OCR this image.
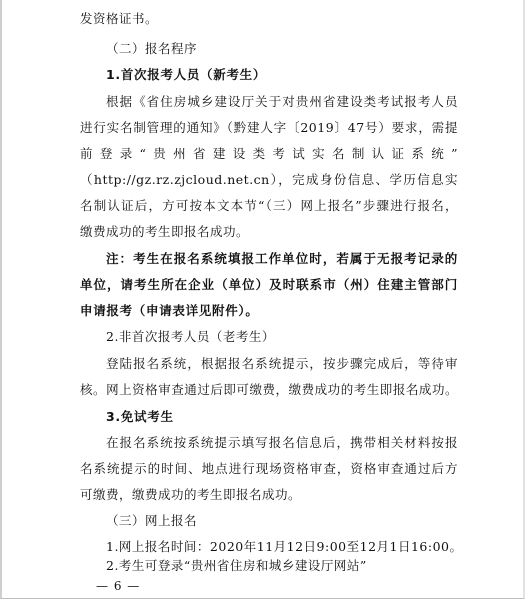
发资格证书。
（二）报名程序
1.首次报考人员（新考生）
根据《省住房城乡建设厅关于对贵州省建设类考试报考人员
进行实名制管理的通知》（黔建人字〔2019〕47号）要求，需提
前登录“贵州省建设类考试实名制认证系统”
（http://gz.rz.zjcloud.net.cn），完成身份信息、学历信息实
名制认证后，方可按本文本节“（三）网上报名”步骤进行报名，
缴费成功的考生即报名成功。
注：考生在报名系统填报工作单位时，若属于无报考记录的
单位，请考生所在企业（单位）及时联系市（州）住建主管部门
申请报考（申请表详见附件）。
2.非首次报考人员（老考生）
登陆报名系统，根据报名系统提示，按步骤完成后，等待审
核。网上资格审查通过后即可缴费，缴费成功的考生即报名成功。
3.免试考生
在报名系统按系统提示填写报名信息后，携带相关材料按报
名系统提示的时间、地点进行现场资格审查，资格审查通过后方
可缴费，缴费成功的考生即报名成功。
（三）网上报名
1.网上报名时间：2020年11月12日9:00至12月1日16:00。
2.考生可登录“贵州省住房和城乡建设厅网站”
— 6 —
